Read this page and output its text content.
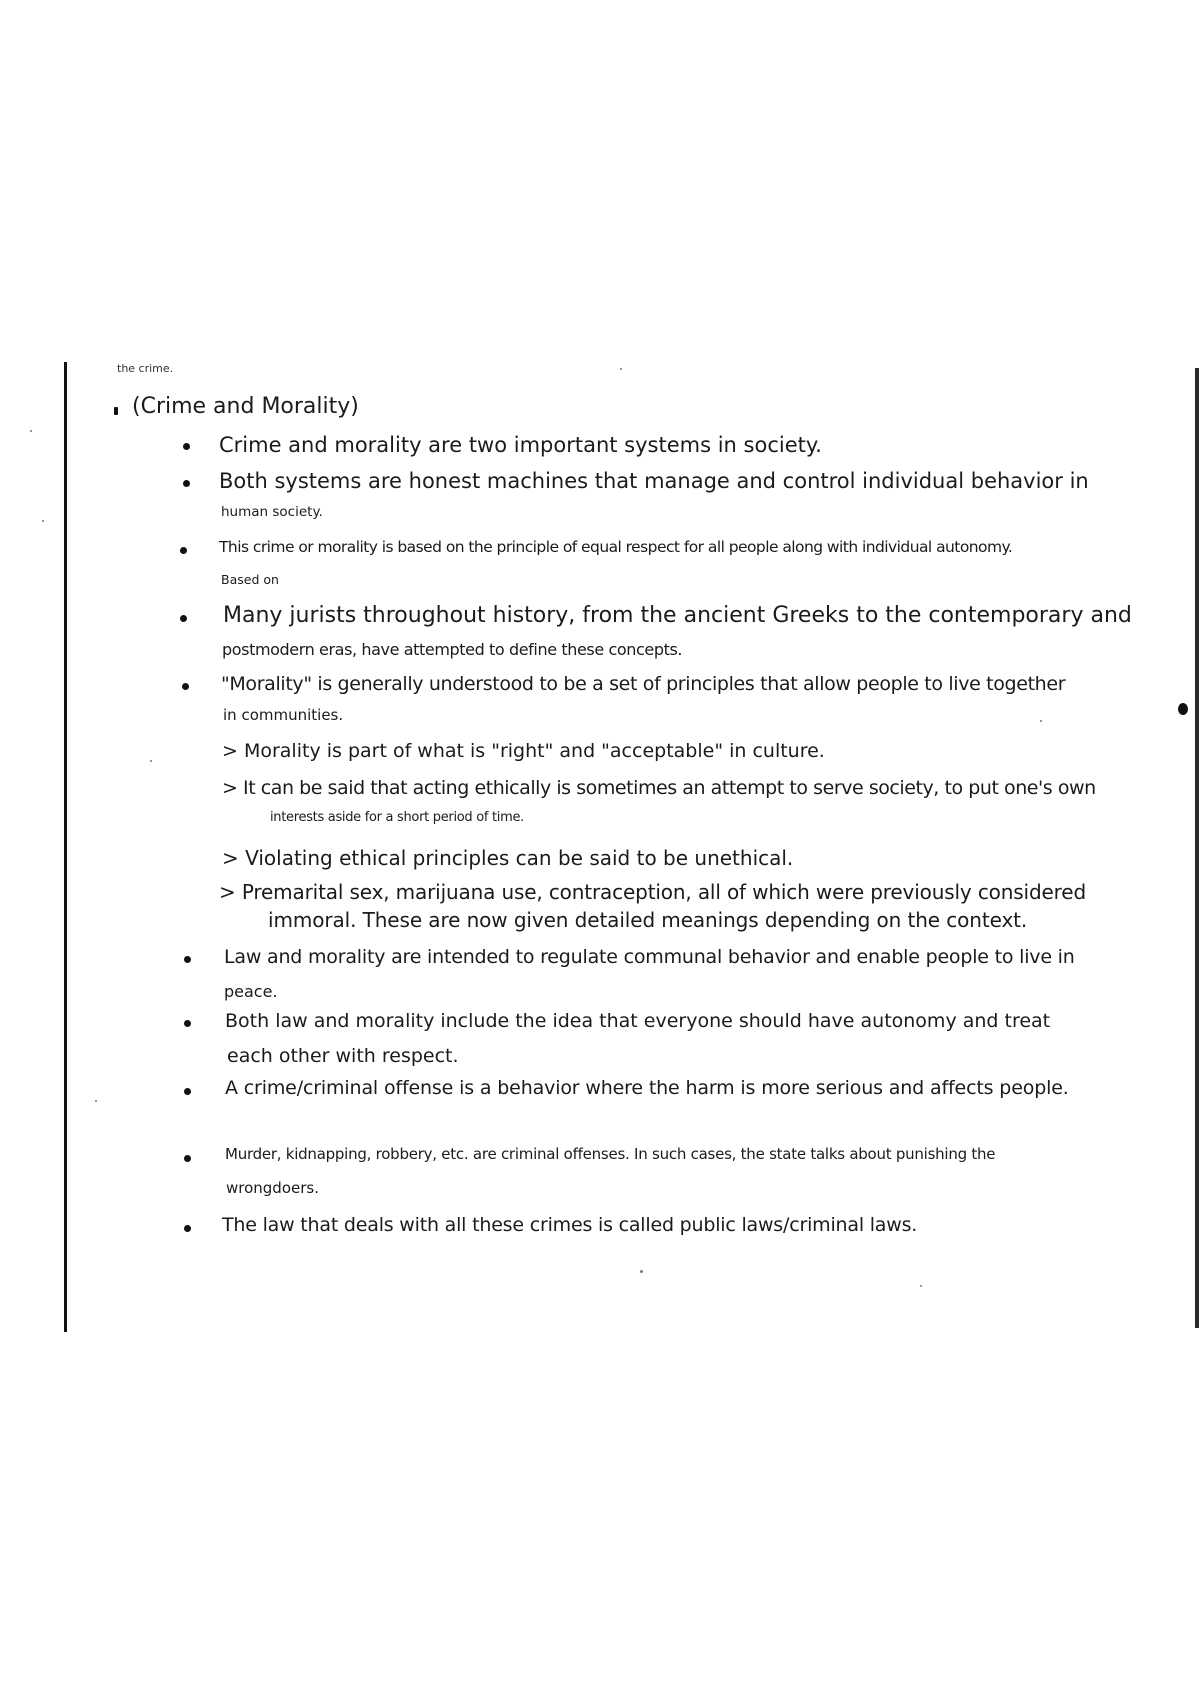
the crime.
(Crime and Morality)
Crime and morality are two important systems in society.
Both systems are honest machines that manage and control individual behavior in
human society.
This crime or morality is based on the principle of equal respect for all people along with individual autonomy.
Based on
Many jurists throughout history, from the ancient Greeks to the contemporary and
postmodern eras, have attempted to define these concepts.
"Morality" is generally understood to be a set of principles that allow people to live together
in communities.
> Morality is part of what is "right" and "acceptable" in culture.
> It can be said that acting ethically is sometimes an attempt to serve society, to put one's own
interests aside for a short period of time.
> Violating ethical principles can be said to be unethical.
> Premarital sex, marijuana use, contraception, all of which were previously considered
immoral. These are now given detailed meanings depending on the context.
Law and morality are intended to regulate communal behavior and enable people to live in
peace.
Both law and morality include the idea that everyone should have autonomy and treat
each other with respect.
A crime/criminal offense is a behavior where the harm is more serious and affects people.
Murder, kidnapping, robbery, etc. are criminal offenses. In such cases, the state talks about punishing the
wrongdoers.
The law that deals with all these crimes is called public laws/criminal laws.
